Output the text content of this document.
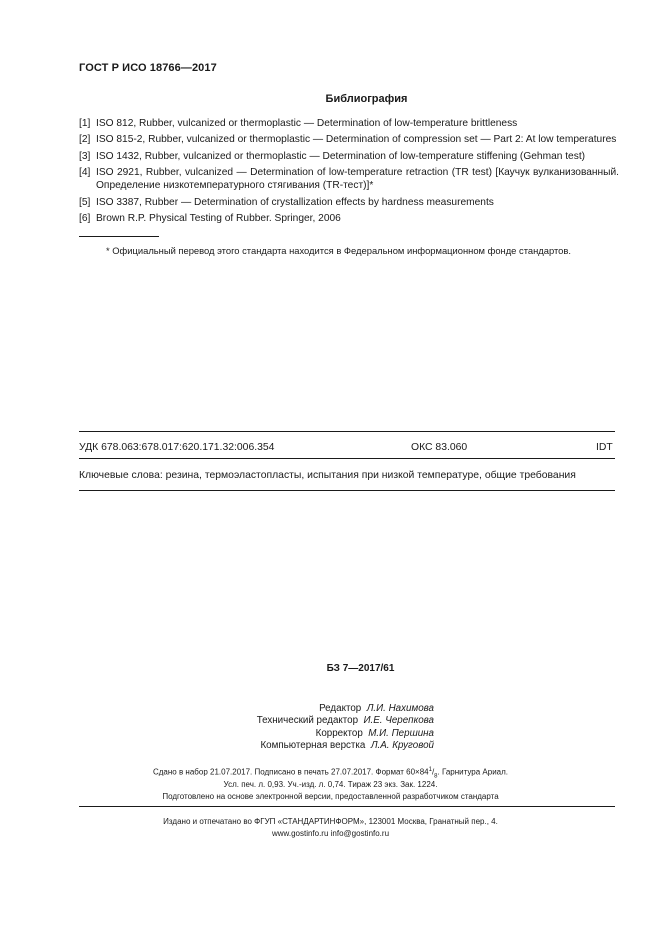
ГОСТ Р ИСО 18766—2017
Библиография
[1] ISO 812, Rubber, vulcanized or thermoplastic — Determination of low-temperature brittleness
[2] ISO 815-2, Rubber, vulcanized or thermoplastic — Determination of compression set — Part 2: At low temperatures
[3] ISO 1432, Rubber, vulcanized or thermoplastic — Determination of low-temperature stiffening (Gehman test)
[4] ISO 2921, Rubber, vulcanized — Determination of low-temperature retraction (TR test) [Каучук вулканизованный. Определение низкотемпературного стягивания (TR-тест)]*
[5] ISO 3387, Rubber — Determination of crystallization effects by hardness measurements
[6] Brown R.P. Physical Testing of Rubber. Springer, 2006
* Официальный перевод этого стандарта находится в Федеральном информационном фонде стандартов.
УДК 678.063:678.017:620.171.32:006.354	ОКС 83.060	IDT
Ключевые слова: резина, термоэластопласты, испытания при низкой температуре, общие требования
БЗ 7—2017/61
Редактор Л.И. Нахимова
Технический редактор И.Е. Черепкова
Корректор М.И. Першина
Компьютерная верстка Л.А. Круговой
Сдано в набор 21.07.2017. Подписано в печать 27.07.2017. Формат $60\times 84^1/_8$. Гарнитура Ариал.
Усл. печ. л. 0,93. Уч.-изд. л. 0,74. Тираж 23 экз. Зак. 1224.
Подготовлено на основе электронной версии, предоставленной разработчиком стандарта
Издано и отпечатано во ФГУП «СТАНДАРТИНФОРМ», 123001 Москва, Гранатный пер., 4.
www.gostinfo.ru info@gostinfo.ru
